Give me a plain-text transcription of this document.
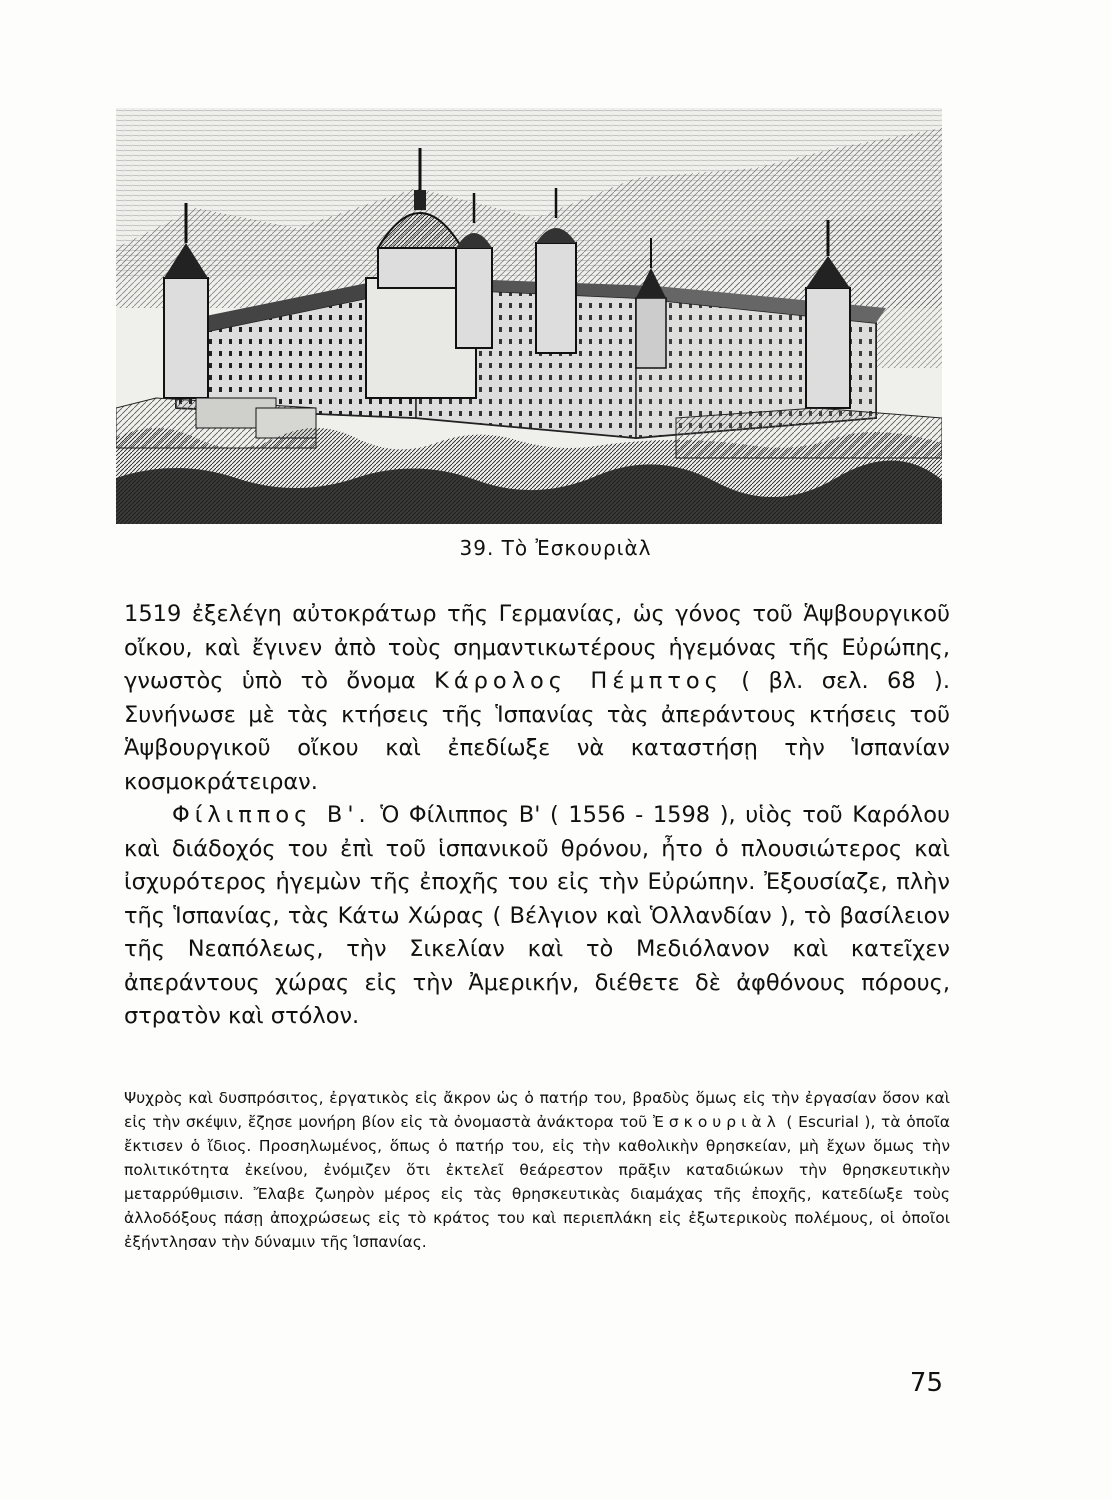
39. Τὸ Ἐσκουριὰλ

1519 ἐξελέγη αὐτοκράτωρ τῆς Γερμανίας, ὡς γόνος τοῦ Ἁψβουργικοῦ οἴκου, καὶ ἔγινεν ἀπὸ τοὺς σημαντικωτέρους ἡγεμόνας τῆς Εὐρώπης, γνωστὸς ὑπὸ τὸ ὄνομα Κάρολος Πέμπτος ( βλ. σελ. 68 ). Συνήνωσε μὲ τὰς κτήσεις τῆς Ἱσπανίας τὰς ἀπεράντους κτήσεις τοῦ Ἁψβουργικοῦ οἴκου καὶ ἐπεδίωξε νὰ καταστήσῃ τὴν Ἱσπανίαν κοσμοκράτειραν.

Φίλιππος Β'. Ὁ Φίλιππος Β' ( 1556 - 1598 ), υἱὸς τοῦ Καρόλου καὶ διάδοχός του ἐπὶ τοῦ ἱσπανικοῦ θρόνου, ἦτο ὁ πλουσιώτερος καὶ ἰσχυρότερος ἡγεμὼν τῆς ἐποχῆς του εἰς τὴν Εὐρώπην. Ἐξουσίαζε, πλὴν τῆς Ἱσπανίας, τὰς Κάτω Χώρας ( Βέλγιον καὶ Ὁλλανδίαν ), τὸ βασίλειον τῆς Νεαπόλεως, τὴν Σικελίαν καὶ τὸ Μεδιόλανον καὶ κατεῖχεν ἀπεράντους χώρας εἰς τὴν Ἀμερικήν, διέθετε δὲ ἀφθόνους πόρους, στρατὸν καὶ στόλον.

Ψυχρὸς καὶ δυσπρόσιτος, ἐργατικὸς εἰς ἄκρον ὡς ὁ πατήρ του, βραδὺς ὅμως εἰς τὴν ἐργασίαν ὅσον καὶ εἰς τὴν σκέψιν, ἔζησε μονήρη βίον εἰς τὰ ὀνομαστὰ ἀνάκτορα τοῦ Ἐσκουριὰλ ( Escurial ), τὰ ὁποῖα ἔκτισεν ὁ ἴδιος. Προσηλωμένος, ὅπως ὁ πατήρ του, εἰς τὴν καθολικὴν θρησκείαν, μὴ ἔχων ὅμως τὴν πολιτικότητα ἐκείνου, ἐνόμιζεν ὅτι ἐκτελεῖ θεάρεστον πρᾶξιν καταδιώκων τὴν θρησκευτικὴν μεταρρύθμισιν. Ἔλαβε ζωηρὸν μέρος εἰς τὰς θρησκευτικὰς διαμάχας τῆς ἐποχῆς, κατεδίωξε τοὺς ἀλλοδόξους πάσῃ ἀποχρώσεως εἰς τὸ κράτος του καὶ περιεπλάκη εἰς ἐξωτερικοὺς πολέμους, οἱ ὁποῖοι ἐξήντλησαν τὴν δύναμιν τῆς Ἱσπανίας.

75
